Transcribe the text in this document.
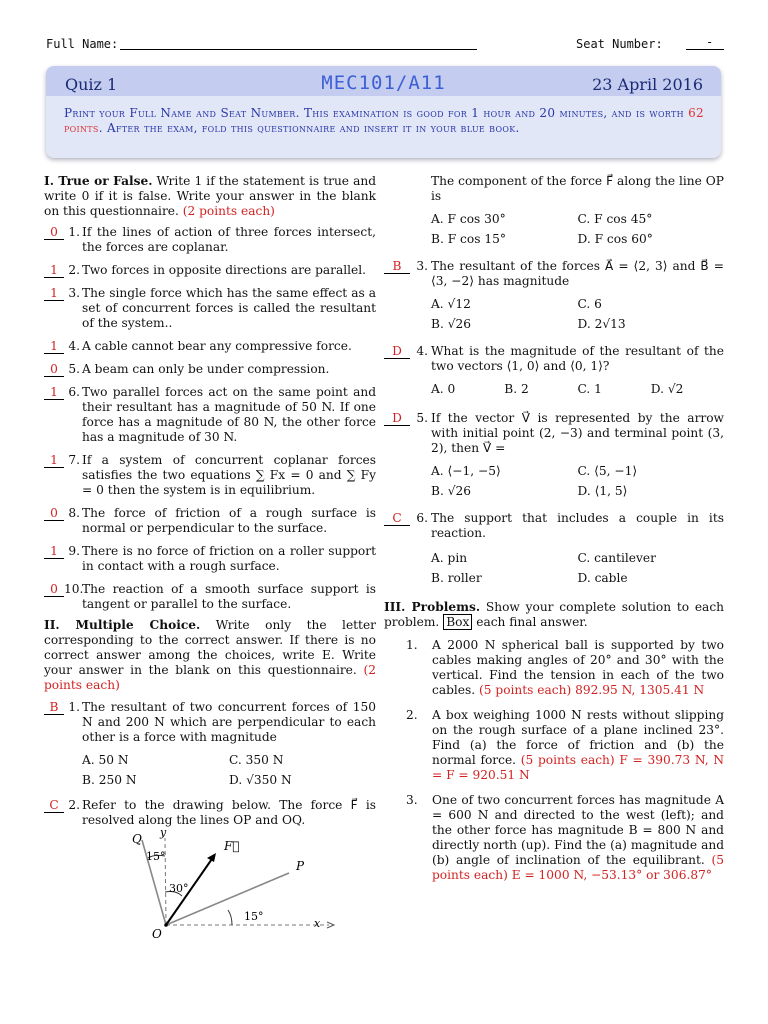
Full Name:	Seat Number:	-
Quiz 1	MEC101/A11	23 April 2016
Print your Full Name and Seat Number. This examination is good for 1 hour and 20 minutes, and is worth 62 points. After the exam, fold this questionnaire and insert it in your blue book.
I. True or False. Write 1 if the statement is true and write 0 if it is false. Write your answer in the blank on this questionnaire. (2 points each)
0 1. If the lines of action of three forces intersect, the forces are coplanar.
1 2. Two forces in opposite directions are parallel.
1 3. The single force which has the same effect as a set of concurrent forces is called the resultant of the system..
1 4. A cable cannot bear any compressive force.
0 5. A beam can only be under compression.
1 6. Two parallel forces act on the same point and their resultant has a magnitude of 50 N. If one force has a magnitude of 80 N, the other force has a magnitude of 30 N.
1 7. If a system of concurrent coplanar forces satisfies the two equations ∑ Fx = 0 and ∑ Fy = 0 then the system is in equilibrium.
0 8. The force of friction of a rough surface is normal or perpendicular to the surface.
1 9. There is no force of friction on a roller support in contact with a rough surface.
0 10.
The reaction of a smooth surface support is tangent or parallel to the surface.
II. Multiple Choice. Write only the letter corresponding to the correct answer. If there is no correct answer among the choices, write E. Write your answer in the blank on this questionnaire. (2 points each)
B 1. The resultant of two concurrent forces of 150 N and 200 N which are perpendicular to each other is a force with magnitude
A. 50 N	C. 350 N
B. 250 N	D. √350 N
C 2. Refer to the drawing below. The force F⃗ is resolved along the lines OP and OQ.
Q y
F⃗
P
x
O
15°
30°
15°
The component of the force F⃗ along the line OP is
A. F cos 30°	C. F cos 45°
B. F cos 15°	D. F cos 60°
B	3. The resultant of the forces A⃗ = ⟨2, 3⟩ and B⃗ = ⟨3, −2⟩ has magnitude
A. √12	C. 6
B. √26	D. 2√13
D	4. What is the magnitude of the resultant of the two vectors ⟨1, 0⟩ and ⟨0, 1⟩?
A. 0	B. 2	C. 1	D. √2
D	5. If the vector V⃗ is represented by the arrow with initial point (2, −3) and terminal point (3, 2), then V⃗ =
A. ⟨−1, −5⟩	C. ⟨5, −1⟩
B. √26	D. ⟨1, 5⟩
C	6. The support that includes a couple in its reaction.
A. pin	C. cantilever
B. roller	D. cable
III. Problems. Show your complete solution to each problem. Box each final answer.
1. A 2000 N spherical ball is supported by two cables making angles of 20° and 30° with the vertical. Find the tension in each of the two cables. (5 points each) 892.95 N, 1305.41 N
2. A box weighing 1000 N rests without slipping on the rough surface of a plane inclined 23°. Find (a) the force of friction and (b) the normal force. (5 points each) F = 390.73 N, N = F = 920.51 N
3. One of two concurrent forces has magnitude A = 600 N and directed to the west (left); and the other force has magnitude B = 800 N and directly north (up). Find the (a) magnitude and (b) angle of inclination of the equilibrant. (5 points each) E = 1000 N, −53.13° or 306.87°
